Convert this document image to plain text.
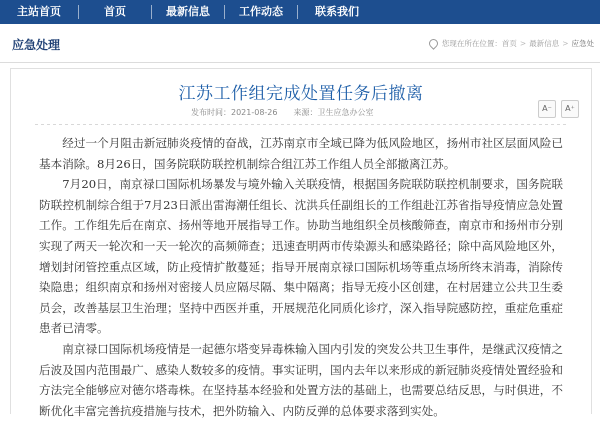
主站首页	首页	最新信息	工作动态	联系我们
应急处理	您现在所在位置： 首页 > 最新信息 > 应急处
江苏工作组完成处置任务后撤离
发布时间：2021-08-26 来源：卫生应急办公室	A⁻	A⁺

经过一个月阻击新冠肺炎疫情的奋战，江苏南京市全域已降为低风险地区，扬州市社区层面风险已基本消除。8月26日，国务院联防联控机制综合组江苏工作组人员全部撤离江苏。

7月20日，南京禄口国际机场暴发与境外输入关联疫情，根据国务院联防联控机制要求，国务院联防联控机制综合组于7月23日派出雷海潮任组长、沈洪兵任副组长的工作组赴江苏省指导疫情应急处置工作。工作组先后在南京、扬州等地开展指导工作。协助当地组织全员核酸筛查，南京市和扬州市分别实现了两天一轮次和一天一轮次的高频筛查；迅速查明两市传染源头和感染路径；除中高风险地区外，增划封闭管控重点区域，防止疫情扩散蔓延；指导开展南京禄口国际机场等重点场所终末消毒，消除传染隐患；组织南京和扬州对密接人员应隔尽隔、集中隔离；指导无疫小区创建，在村居建立公共卫生委员会，改善基层卫生治理；坚持中西医并重，开展规范化同质化诊疗，深入指导院感防控，重症危重症患者已清零。

南京禄口国际机场疫情是一起德尔塔变异毒株输入国内引发的突发公共卫生事件，是继武汉疫情之后波及国内范围最广、感染人数较多的疫情。事实证明，国内去年以来形成的新冠肺炎疫情处置经验和方法完全能够应对德尔塔毒株。在坚持基本经验和处置方法的基础上，也需要总结反思，与时俱进，不断优化丰富完善抗疫措施与技术，把外防输入、内防反弹的总体要求落到实处。
